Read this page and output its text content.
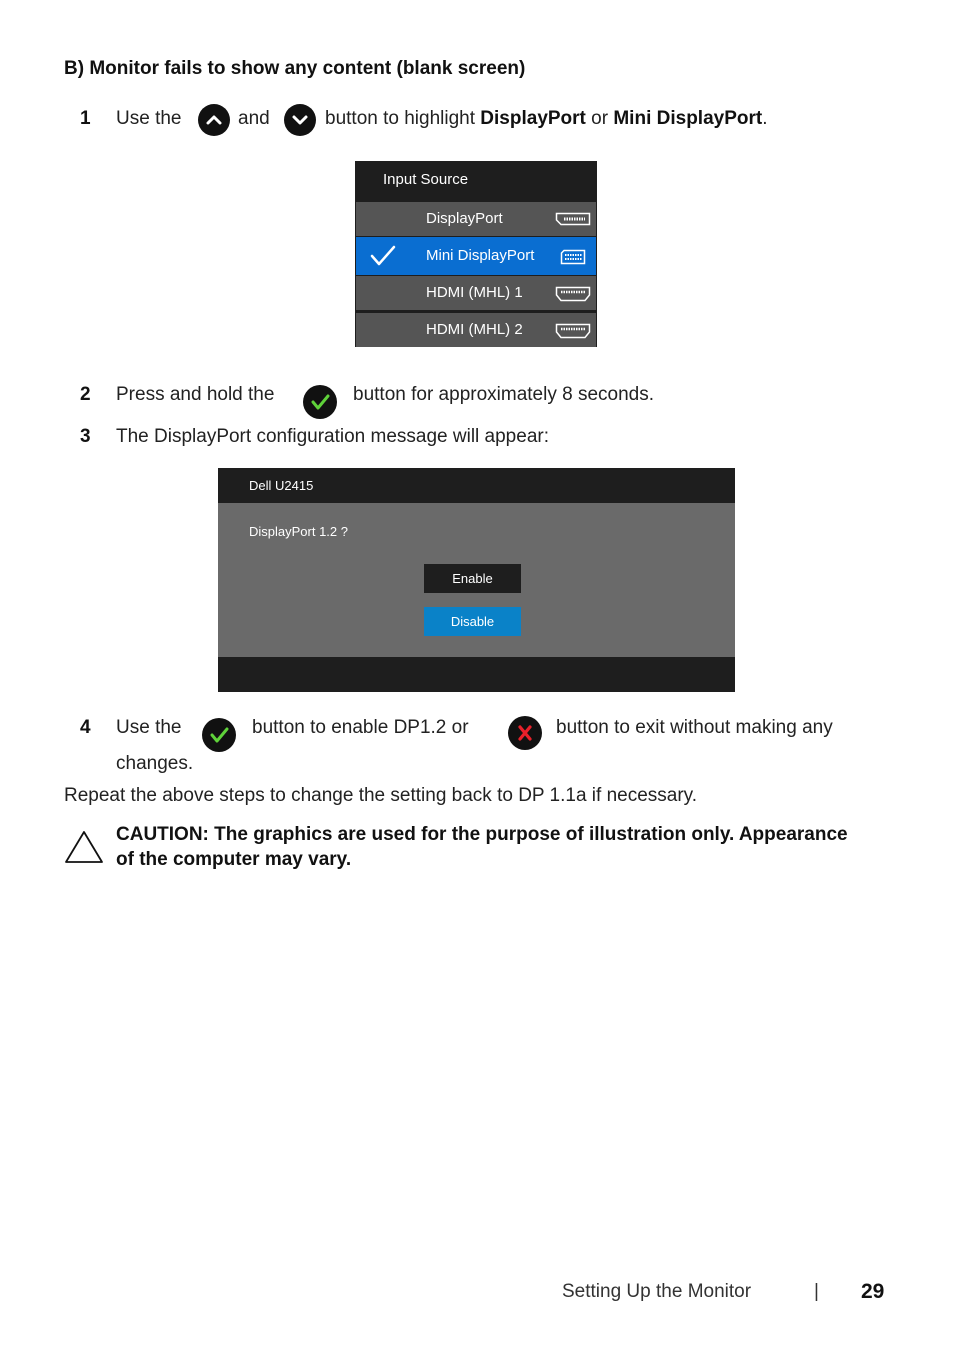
B) Monitor fails to show any content (blank screen)
1 Use the	and	button to highlight DisplayPort or Mini DisplayPort.
Input Source
DisplayPort
Mini DisplayPort
HDMI (MHL) 1
HDMI (MHL) 2
2 Press and hold the	button for approximately 8 seconds.
3 The DisplayPort configuration message will appear:
Dell U2415
DisplayPort 1.2 ?
Enable
Disable
4 Use the	button to enable DP1.2 or	button to exit without making any
changes.
Repeat the above steps to change the setting back to DP 1.1a if necessary.
CAUTION: The graphics are used for the purpose of illustration only. Appearance
of the computer may vary.
Setting Up the Monitor	| 29
